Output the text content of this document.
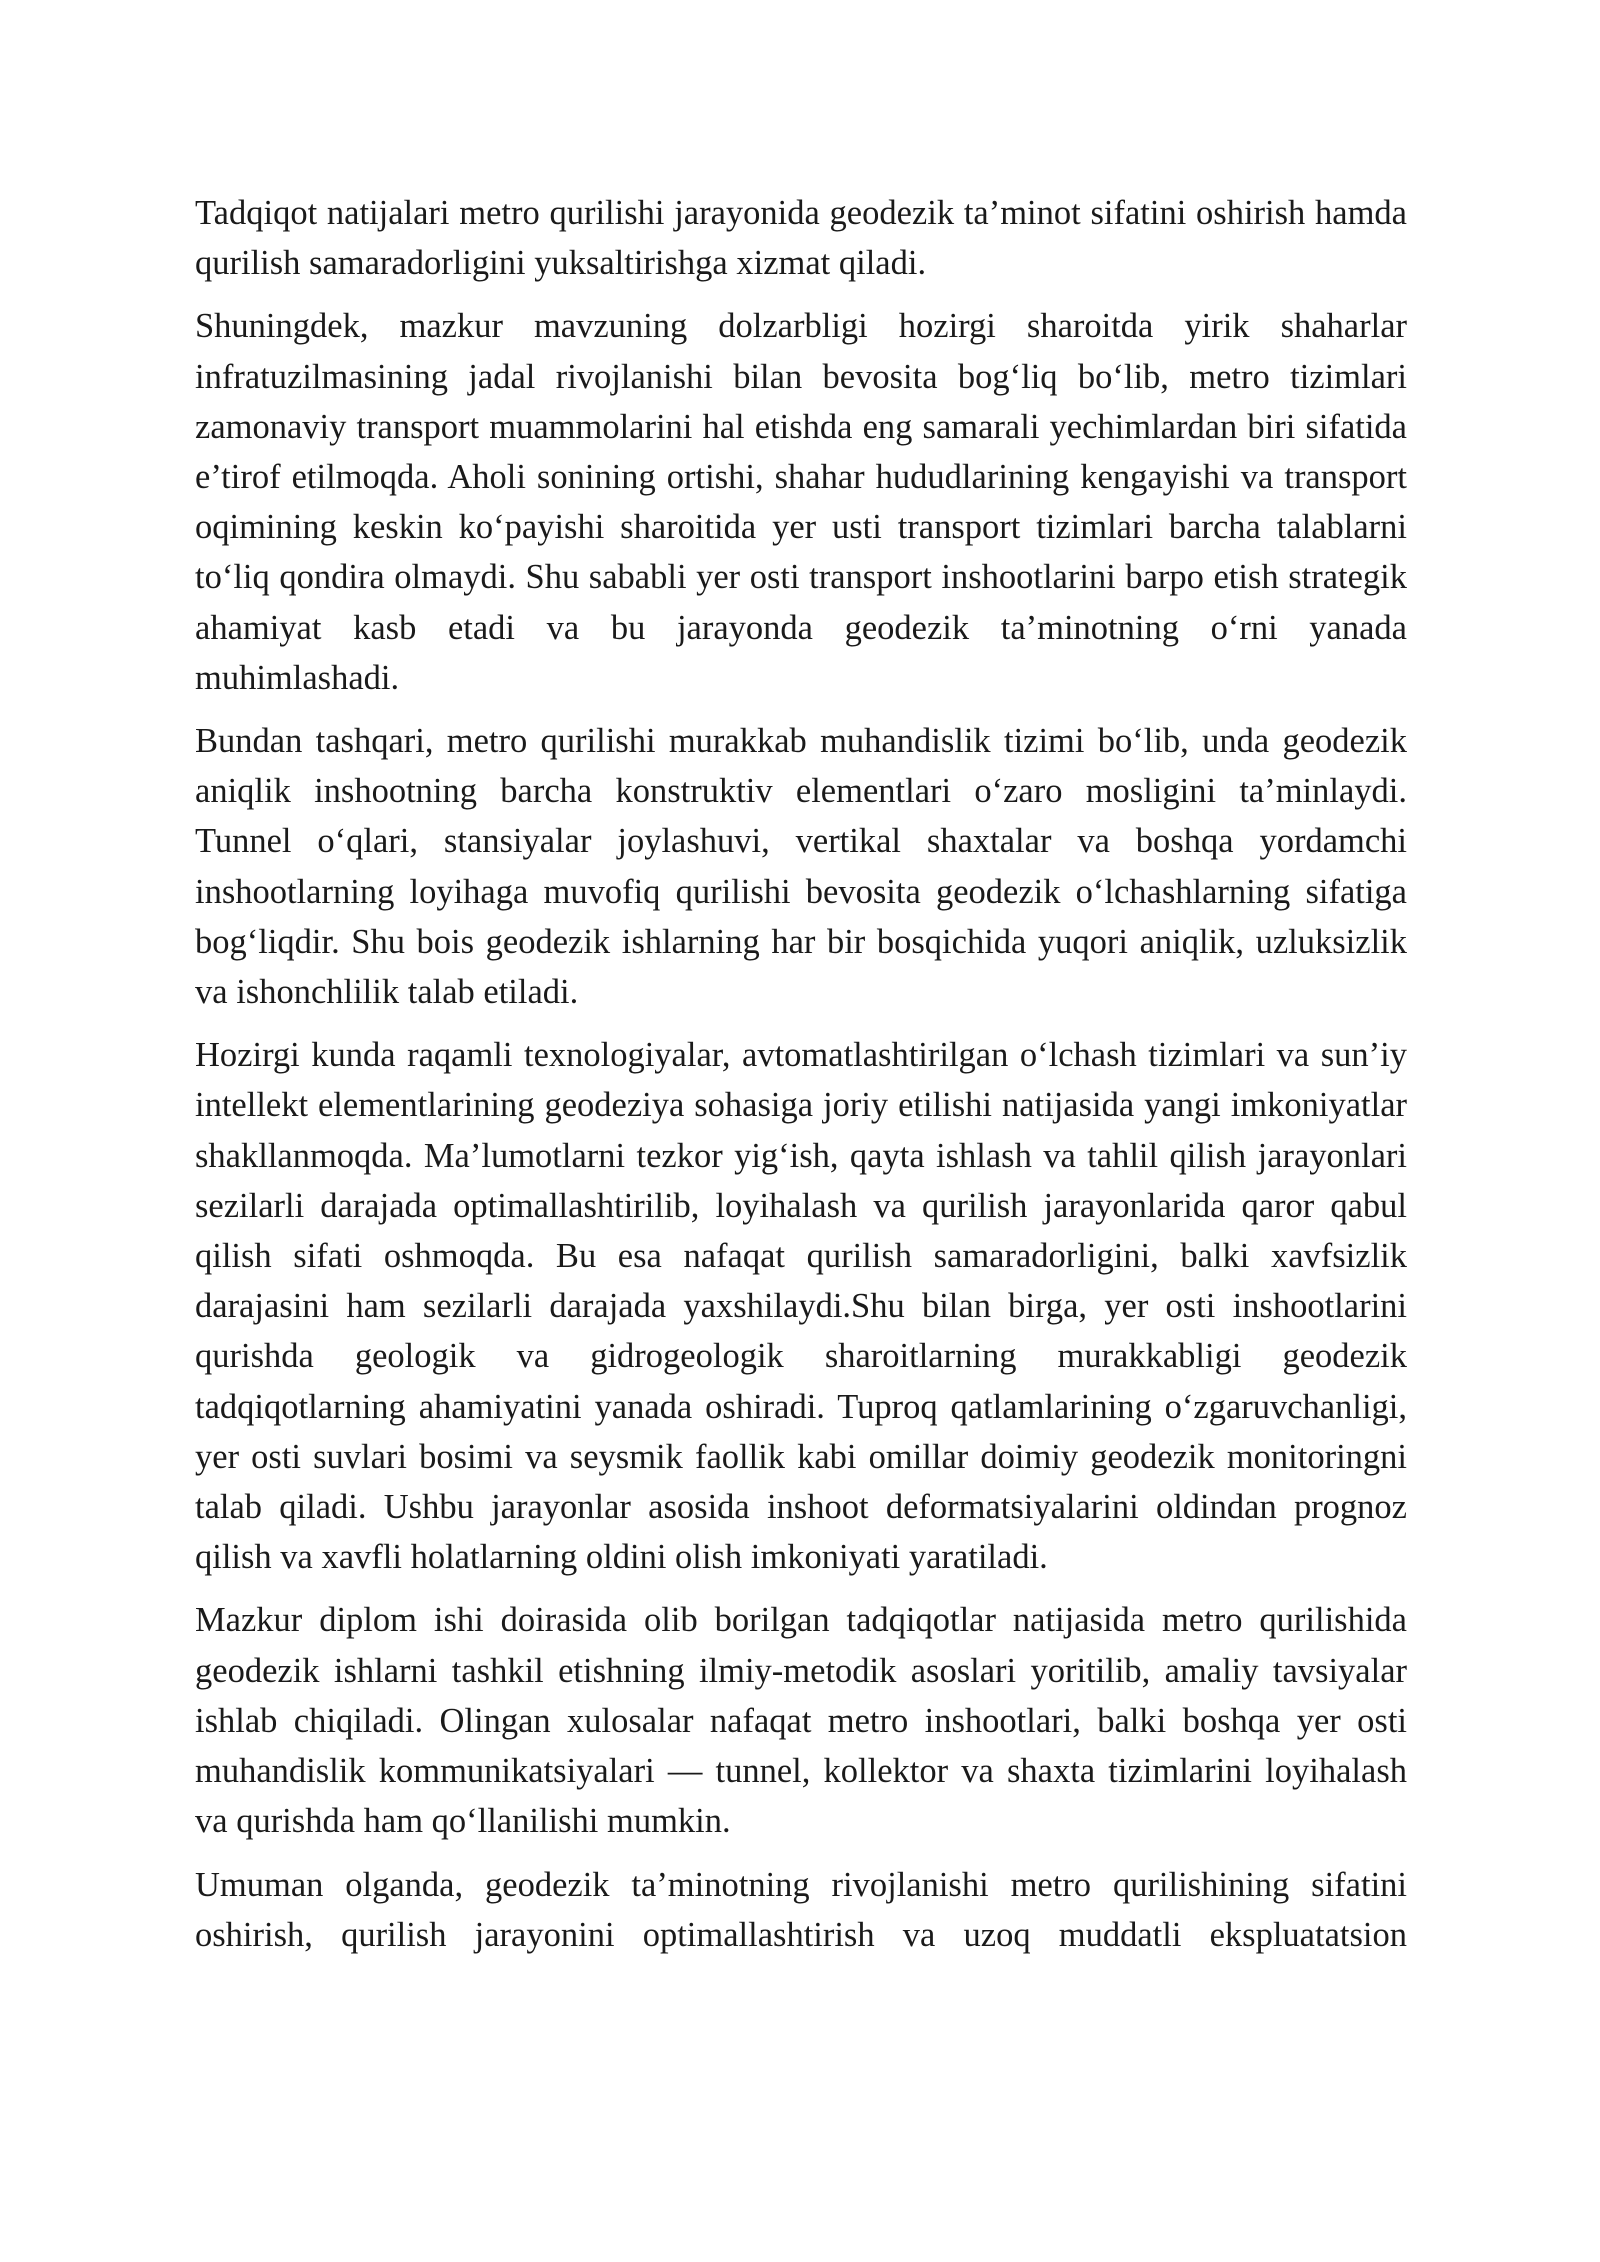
Tadqiqot natijalari metro qurilishi jarayonida geodezik ta’minot sifatini oshirish hamda qurilish samaradorligini yuksaltirishga xizmat qiladi.

Shuningdek, mazkur mavzuning dolzarbligi hozirgi sharoitda yirik shaharlar infratuzilmasining jadal rivojlanishi bilan bevosita bog‘liq bo‘lib, metro tizimlari zamonaviy transport muammolarini hal etishda eng samarali yechimlardan biri sifatida e’tirof etilmoqda. Aholi sonining ortishi, shahar hududlarining kengayishi va transport oqimining keskin ko‘payishi sharoitida yer usti transport tizimlari barcha talablarni to‘liq qondira olmaydi. Shu sababli yer osti transport inshootlarini barpo etish strategik ahamiyat kasb etadi va bu jarayonda geodezik ta’minotning o‘rni yanada muhimlashadi.

Bundan tashqari, metro qurilishi murakkab muhandislik tizimi bo‘lib, unda geodezik aniqlik inshootning barcha konstruktiv elementlari o‘zaro mosligini ta’minlaydi. Tunnel o‘qlari, stansiyalar joylashuvi, vertikal shaxtalar va boshqa yordamchi inshootlarning loyihaga muvofiq qurilishi bevosita geodezik o‘lchashlarning sifatiga bog‘liqdir. Shu bois geodezik ishlarning har bir bosqichida yuqori aniqlik, uzluksizlik va ishonchlilik talab etiladi.

Hozirgi kunda raqamli texnologiyalar, avtomatlashtirilgan o‘lchash tizimlari va sun’iy intellekt elementlarining geodeziya sohasiga joriy etilishi natijasida yangi imkoniyatlar shakllanmoqda. Ma’lumotlarni tezkor yig‘ish, qayta ishlash va tahlil qilish jarayonlari sezilarli darajada optimallashtirilib, loyihalash va qurilish jarayonlarida qaror qabul qilish sifati oshmoqda. Bu esa nafaqat qurilish samaradorligini, balki xavfsizlik darajasini ham sezilarli darajada yaxshilaydi.Shu bilan birga, yer osti inshootlarini qurishda geologik va gidrogeologik sharoitlarning murakkabligi geodezik tadqiqotlarning ahamiyatini yanada oshiradi. Tuproq qatlamlarining o‘zgaruvchanligi, yer osti suvlari bosimi va seysmik faollik kabi omillar doimiy geodezik monitoringni talab qiladi. Ushbu jarayonlar asosida inshoot deformatsiyalarini oldindan prognoz qilish va xavfli holatlarning oldini olish imkoniyati yaratiladi.

Mazkur diplom ishi doirasida olib borilgan tadqiqotlar natijasida metro qurilishida geodezik ishlarni tashkil etishning ilmiy-metodik asoslari yoritilib, amaliy tavsiyalar ishlab chiqiladi. Olingan xulosalar nafaqat metro inshootlari, balki boshqa yer osti muhandislik kommunikatsiyalari — tunnel, kollektor va shaxta tizimlarini loyihalash va qurishda ham qo‘llanilishi mumkin.

Umuman olganda, geodezik ta’minotning rivojlanishi metro qurilishining sifatini oshirish, qurilish jarayonini optimallashtirish va uzoq muddatli ekspluatatsion
